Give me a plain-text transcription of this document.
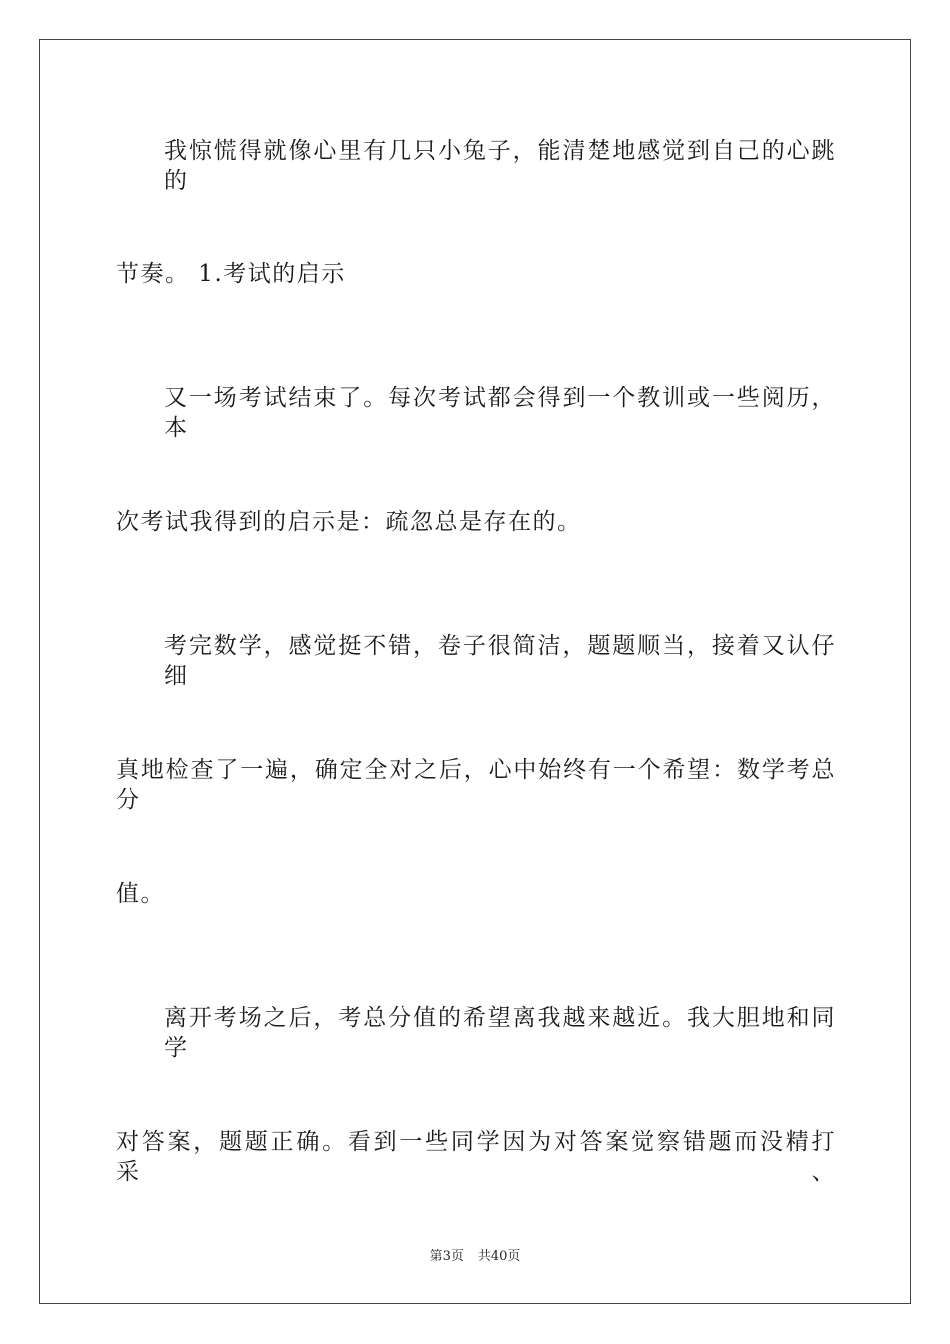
我惊慌得就像心里有几只小兔子，能清楚地感觉到自己的心跳的
节奏。 1.考试的启示
又一场考试结束了。每次考试都会得到一个教训或一些阅历，本
次考试我得到的启示是：疏忽总是存在的。
考完数学，感觉挺不错，卷子很简洁，题题顺当，接着又认仔细
真地检查了一遍，确定全对之后，心中始终有一个希望：数学考总分
值。
离开考场之后，考总分值的希望离我越来越近。我大胆地和同学
对答案，题题正确。看到一些同学因为对答案觉察错题而没精打采、
第3页 共40页
